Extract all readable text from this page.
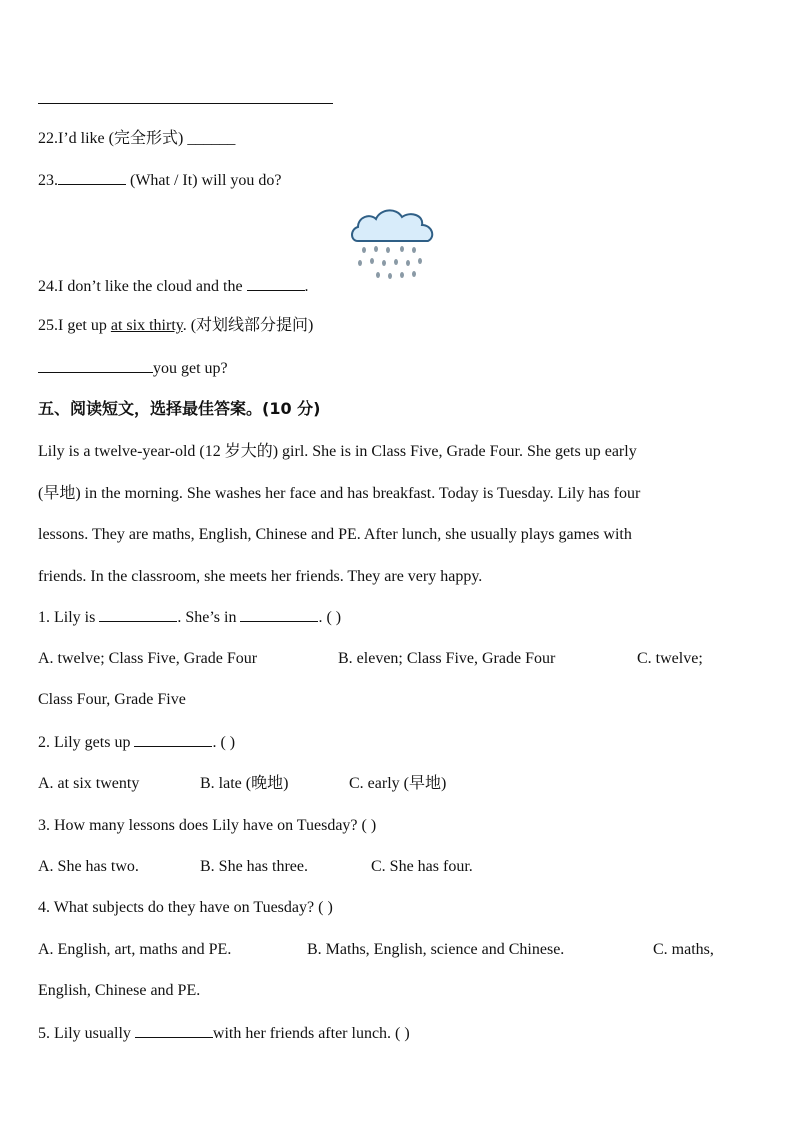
22.I’d like (完全形式) ______
23.	(What / It) will you do?
24.I don’t like the cloud and the	.
25.I get up at six thirty. (对划线部分提问)
you get up?
五、阅读短文，选择最佳答案。(10 分)
Lily is a twelve-year-old (12 岁大的) girl. She is in Class Five, Grade Four. She gets up early
(早地) in the morning. She washes her face and has breakfast. Today is Tuesday. Lily has four
lessons. They are maths, English, Chinese and PE. After lunch, she usually plays games with
friends. In the classroom, she meets her friends. They are very happy.
1. Lily is	. She’s in	. ( )
A. twelve; Class Five, Grade Four	B. eleven; Class Five, Grade Four	C. twelve;
Class Four, Grade Five
2. Lily gets up	. ( )
A. at six twenty	B. late (晚地)	C. early (早地)
3. How many lessons does Lily have on Tuesday? ( )
A. She has two.	B. She has three.	C. She has four.
4. What subjects do they have on Tuesday? ( )
A. English, art, maths and PE.	B. Maths, English, science and Chinese.	C. maths,
English, Chinese and PE.
5. Lily usually	with her friends after lunch. ( )
